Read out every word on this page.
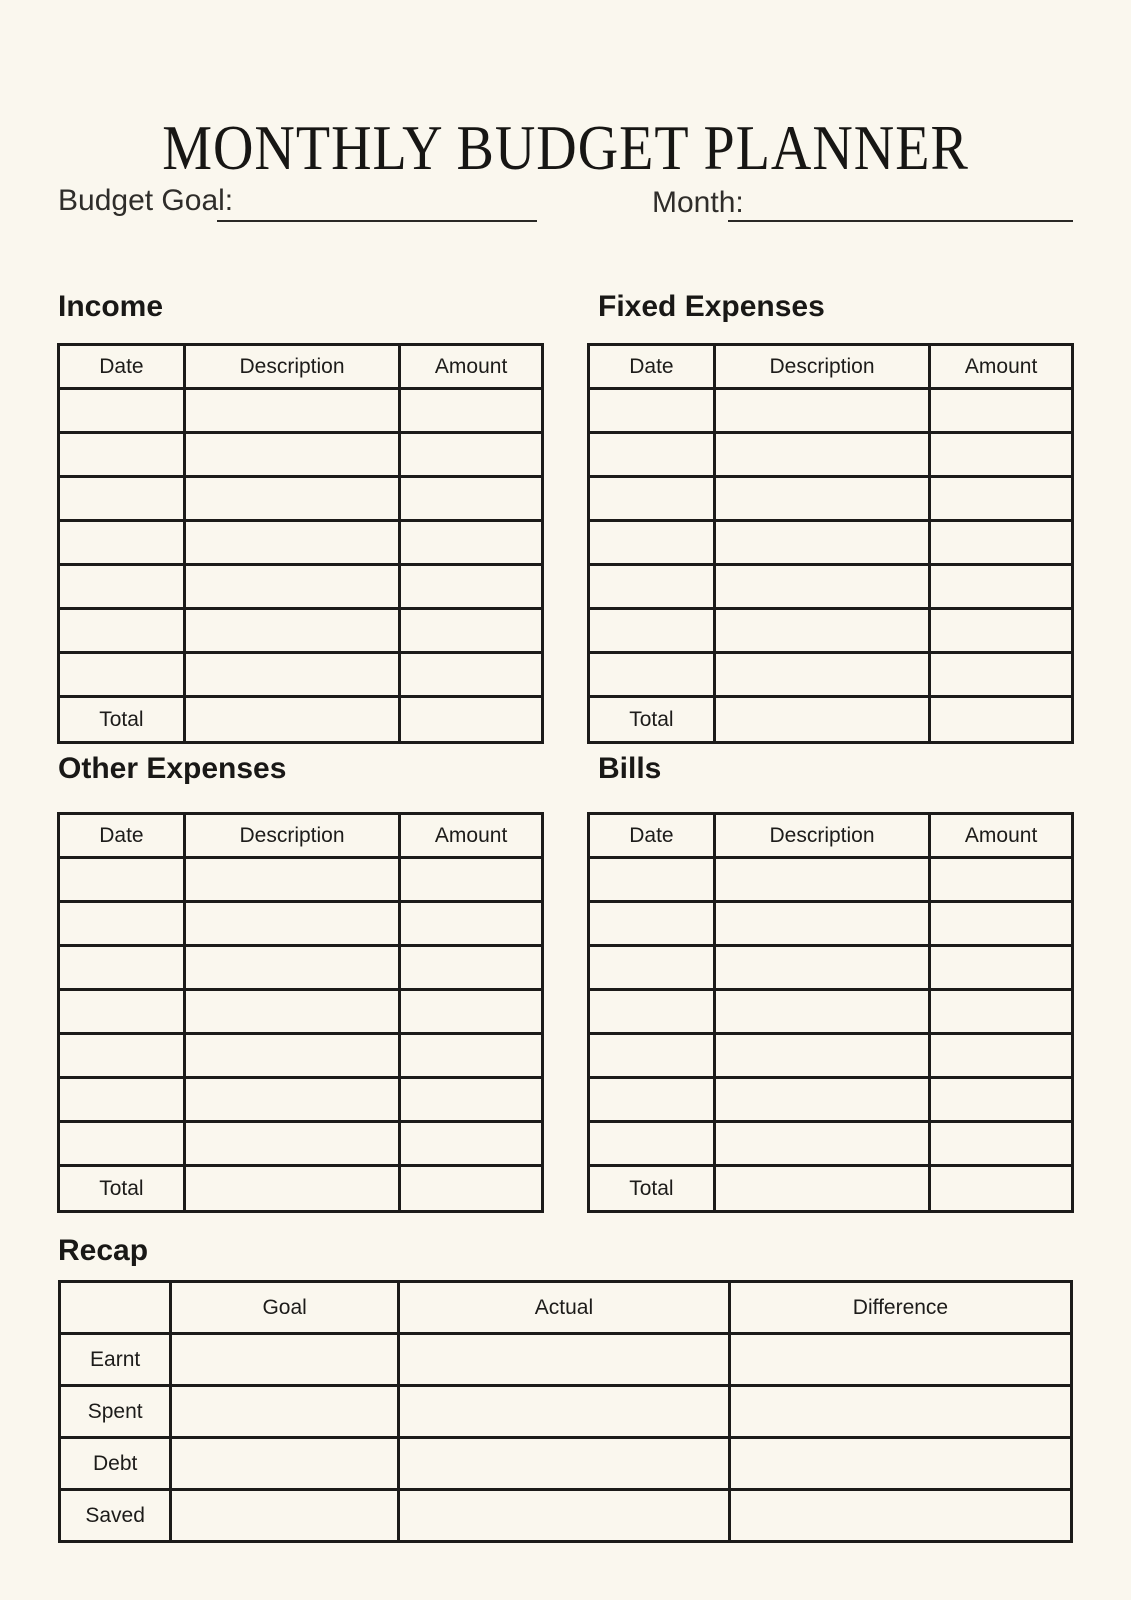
MONTHLY BUDGET PLANNER
Budget Goal:	Month:
Income	Fixed Expenses
Other Expenses	Bills
Date	Description	Amount

Total		
Date	Description	Amount

Total		
Date	Description	Amount

Total		
Date	Description	Amount

Total		
Recap
	Goal	Actual	Difference
Earnt			
Spent			
Debt			
Saved			
